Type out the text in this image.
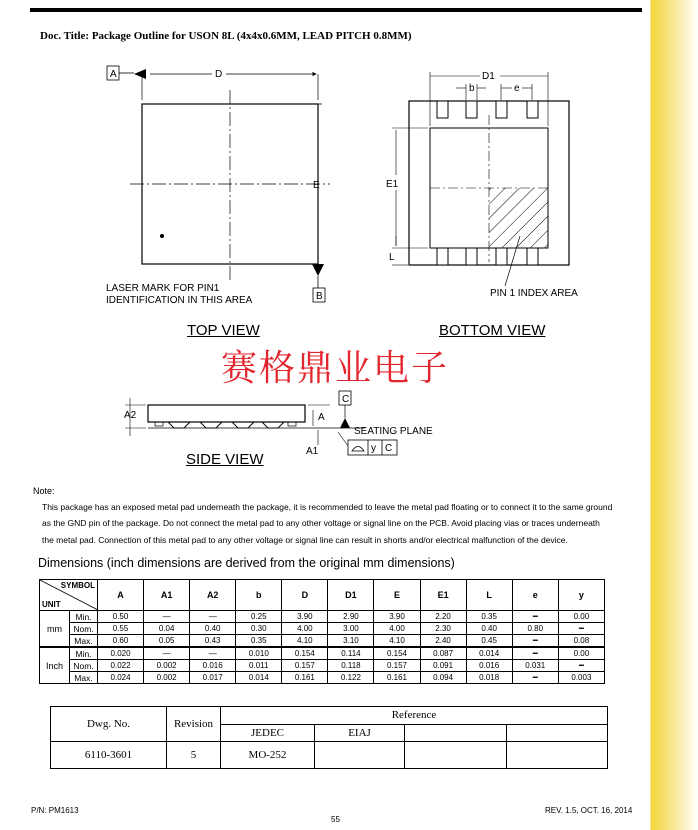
Doc. Title: Package Outline for USON 8L (4x4x0.6MM, LEAD PITCH 0.8MM)
A	D
B
E
LASER MARK FOR PIN1
IDENTIFICATION IN THIS AREA
D1
b	e
E1
L
PIN 1 INDEX AREA
A2	A
A1
C
SEATING PLANE
y C
TOP VIEW	BOTTOM VIEW
SIDE VIEW
赛格鼎业电子
Note:
This package has an exposed metal pad underneath the package, it is recommended to leave the metal pad floating or to connect it to the same ground
as the GND pin of the package. Do not connect the metal pad to any other voltage or signal line on the PCB. Avoid placing vias or traces underneath
the metal pad. Connection of this metal pad to any other voltage or signal line can result in shorts and/or electrical malfunction of the device.
Dimensions (inch dimensions are derived from the original mm dimensions)
SYMBOL
UNIT		A	A1	A2	b	D	D1	E	E1	L	e	y
mm	Min.	0.50	—	—	0.25	3.90	2.90	3.90	2.20	0.35	━	0.00
	Nom.	0.55	0.04	0.40	0.30	4.00	3.00	4.00	2.30	0.40	0.80	━
	Max.	0.60	0.05	0.43	0.35	4.10	3.10	4.10	2.40	0.45	━	0.08
Inch	Min.	0.020	—	—	0.010	0.154	0.114	0.154	0.087	0.014	━	0.00
	Nom.	0.022	0.002	0.016	0.011	0.157	0.118	0.157	0.091	0.016	0.031	━
	Max.	0.024	0.002	0.017	0.014	0.161	0.122	0.161	0.094	0.018	━	0.003
Dwg. No.	Revision	Reference			
		JEDEC	EIAJ		
6110-3601	5	MO-252			
P/N: PM1613
55
REV. 1.5, OCT. 16, 2014
